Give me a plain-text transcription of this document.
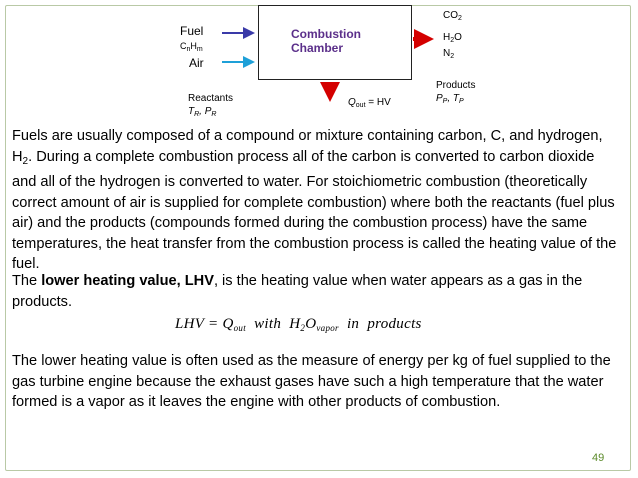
Fuel
$C_nH_m$
Air
Combustion
Chamber
$CO_2$
$H_2O$
$N_2$
Products
$P_P$, $T_P$
Reactants
$T_R$, $P_R$
$Q_{out}$ = HV
Fuels are usually composed of a compound or mixture containing carbon, C, and hydrogen, $H_2$. During a complete combustion process all of the carbon is converted to carbon dioxide and all of the hydrogen is converted to water. For stoichiometric combustion (theoretically correct amount of air is supplied for complete combustion) where both the reactants (fuel plus air) and the products (compounds formed during the combustion process) have the same temperatures, the heat transfer from the combustion process is called the heating value of the fuel.
The lower heating value, LHV, is the heating value when water appears as a gas in the products.
LHV = $Q_{out}$  with  $H_2O_{vapor}$  in  products
The lower heating value is often used as the measure of energy per kg of fuel supplied to the gas turbine engine because the exhaust gases have such a high temperature that the water formed is a vapor as it leaves the engine with other products of combustion.
49
